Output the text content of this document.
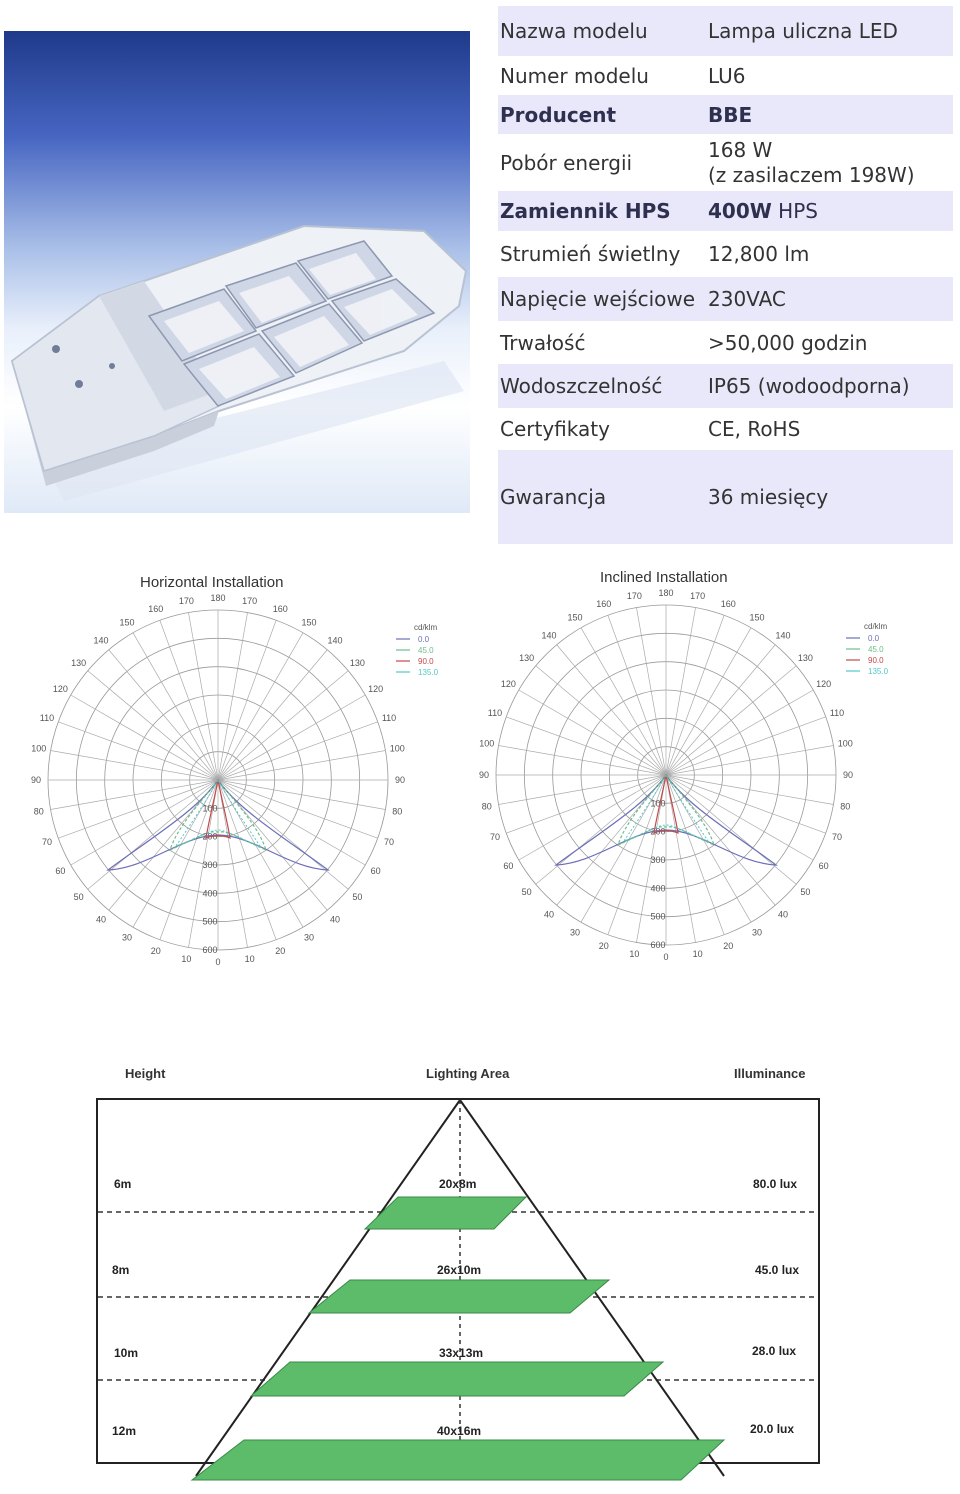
Nazwa modelu	Lampa uliczna LED
Numer modelu	LU6
Producent	BBE
Pobór energii	168 W
(z zasilaczem 198W)
Zamiennik HPS	400W HPS
Strumień świetlny	12,800 lm
Napięcie wejściowe	230VAC
Trwałość	>50,000 godzin
Wodoszczelność	IP65 (wodoodporna)
Certyfikaty	CE, RoHS
Gwarancja	36 miesięcy
Horizontal Installation	Inclined Installation
0	10
10
20
20
30
30
40
40
50
50
60
60
70
70
80
80
90
90
100
100
110
110
120
120
130
130
140
140
150
150
160
160
170
170 180
100
200
300
400
500
600
cd/klm
0.0
45.0
90.0
135.0
0	10
10
20
20
30
30
40
40
50
50
60
60
70
70
80
80
90
90
100
100
110
110
120
120
130
130
140
140
150
150
160
160
170
170 180
100
200
300
400
500
600
cd/klm
0.0
45.0
90.0
135.0
Height	Lighting Area	Illuminance
6m	20x8m	80.0 lux
8m	26x10m	45.0 lux
10m	33x13m	28.0 lux
12m	40x16m	20.0 lux
